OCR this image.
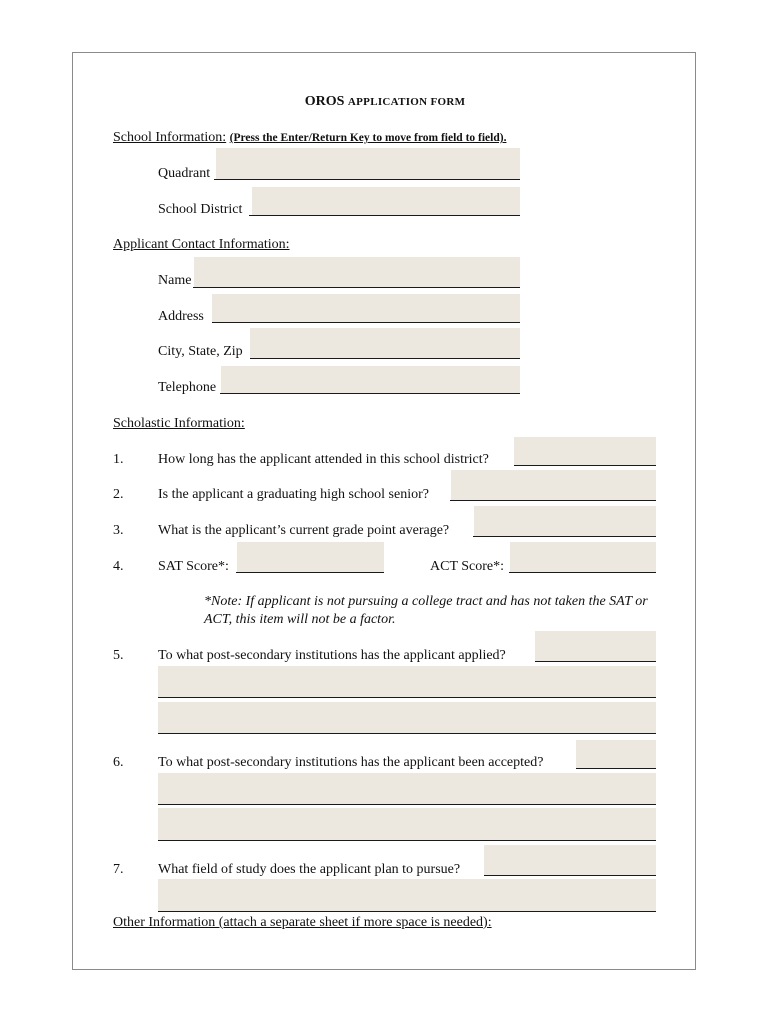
OROS APPLICATION FORM
School Information: (Press the Enter/Return Key to move from field to field).
Quadrant
School District
Applicant Contact Information:
Name
Address
City, State, Zip
Telephone
Scholastic Information:
1. How long has the applicant attended in this school district?
2. Is the applicant a graduating high school senior?
3. What is the applicant’s current grade point average?
4. SAT Score*:	ACT Score*:
*Note: If applicant is not pursuing a college tract and has not taken the SAT or ACT, this item will not be a factor.
5. To what post-secondary institutions has the applicant applied?
6. To what post-secondary institutions has the applicant been accepted?
7. What field of study does the applicant plan to pursue?
Other Information (attach a separate sheet if more space is needed):
